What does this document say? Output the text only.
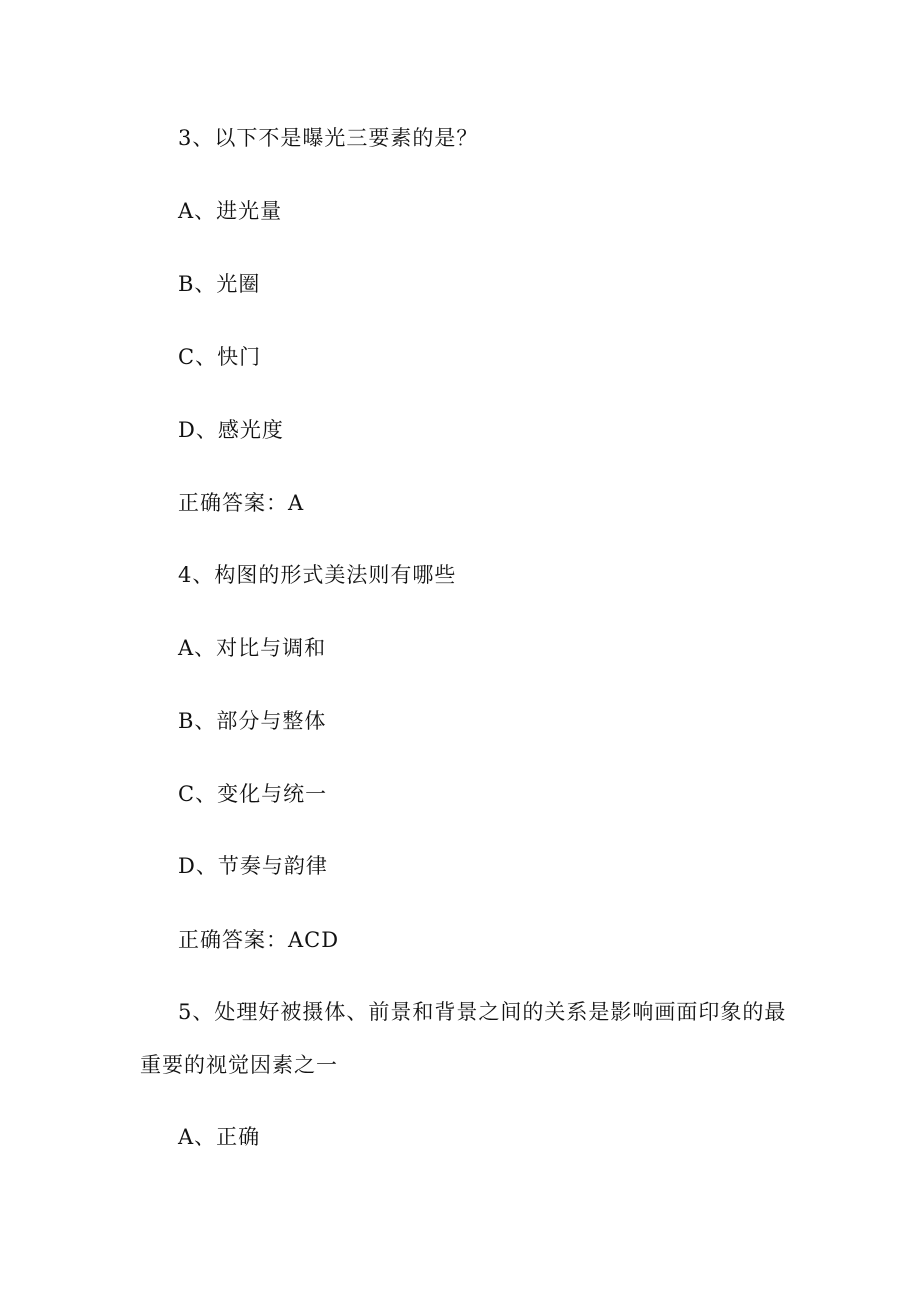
3、以下不是曝光三要素的是？
A、进光量
B、光圈
C、快门
D、感光度
正确答案：A
4、构图的形式美法则有哪些
A、对比与调和
B、部分与整体
C、变化与统一
D、节奏与韵律
正确答案：ACD
5、处理好被摄体、前景和背景之间的关系是影响画面印象的最
重要的视觉因素之一
A、正确
